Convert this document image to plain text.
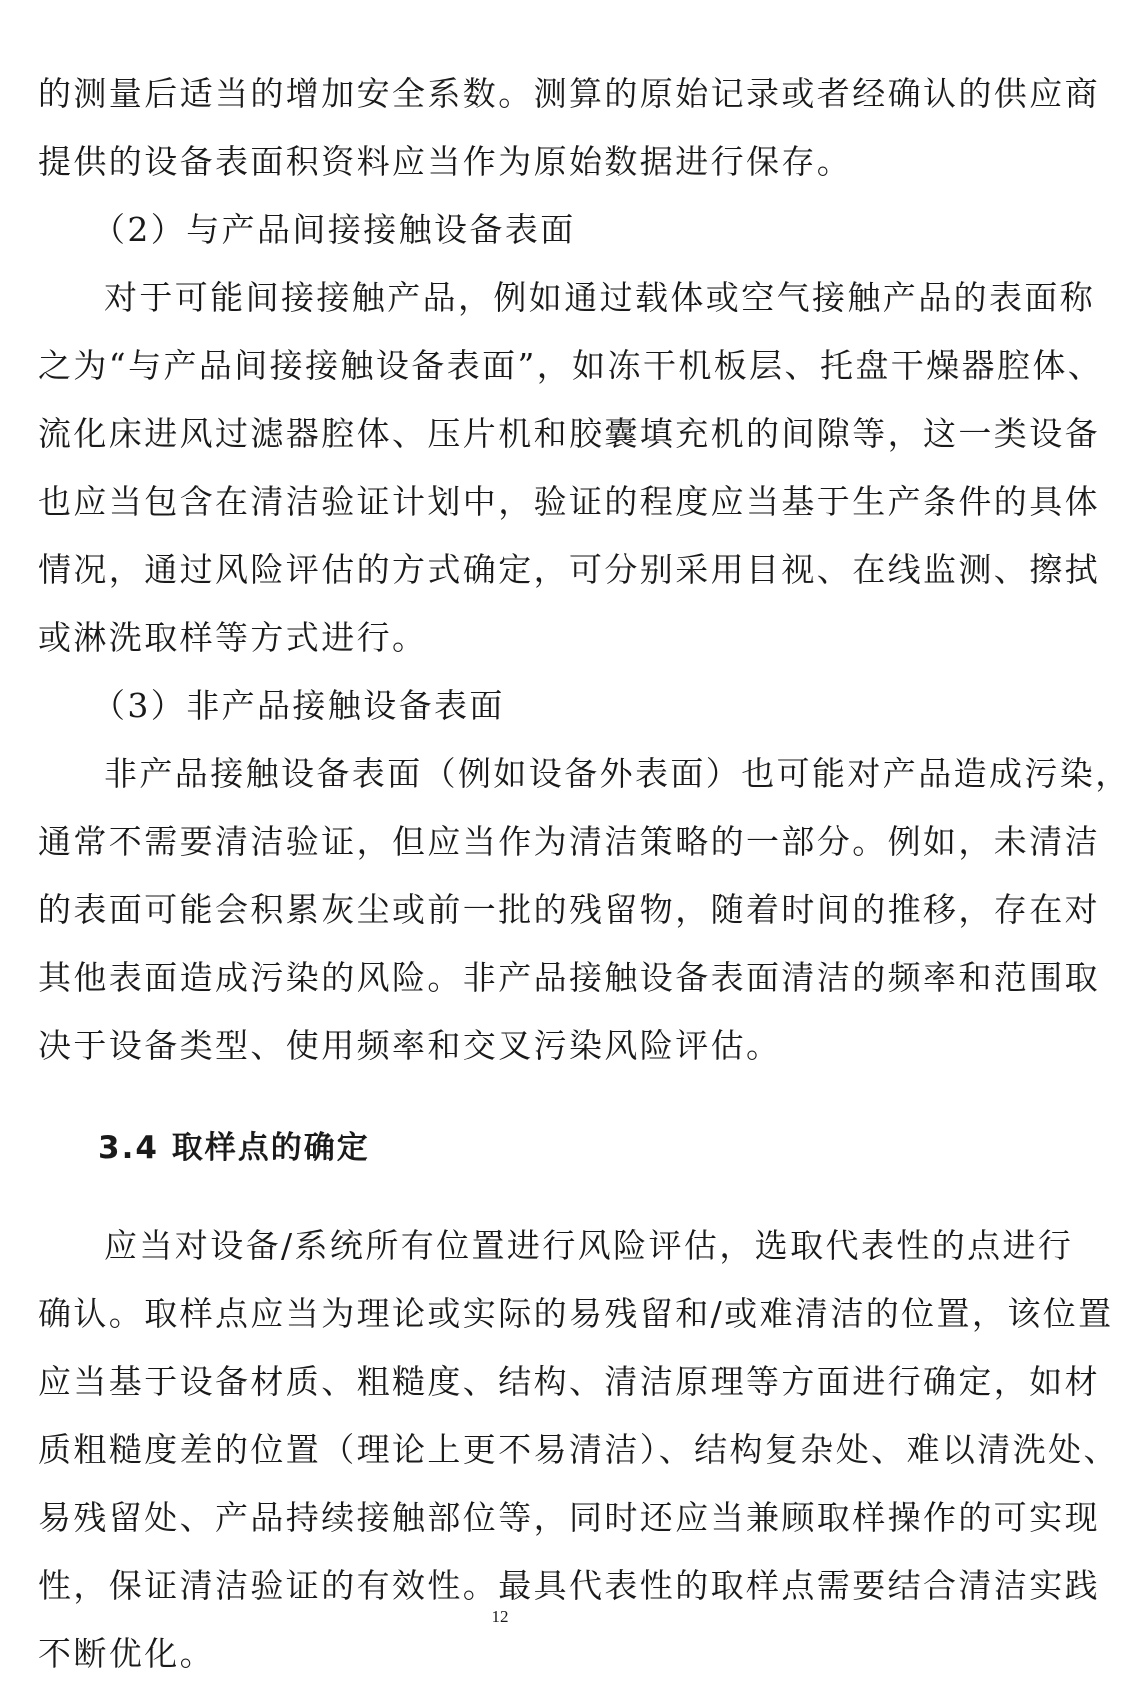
的测量后适当的增加安全系数。测算的原始记录或者经确认的供应商
提供的设备表面积资料应当作为原始数据进行保存。
（2）与产品间接接触设备表面
对于可能间接接触产品，例如通过载体或空气接触产品的表面称
之为“与产品间接接触设备表面”，如冻干机板层、托盘干燥器腔体、
流化床进风过滤器腔体、压片机和胶囊填充机的间隙等，这一类设备
也应当包含在清洁验证计划中，验证的程度应当基于生产条件的具体
情况，通过风险评估的方式确定，可分别采用目视、在线监测、擦拭
或淋洗取样等方式进行。
（3）非产品接触设备表面
非产品接触设备表面（例如设备外表面）也可能对产品造成污染，
通常不需要清洁验证，但应当作为清洁策略的一部分。例如，未清洁
的表面可能会积累灰尘或前一批的残留物，随着时间的推移，存在对
其他表面造成污染的风险。非产品接触设备表面清洁的频率和范围取
决于设备类型、使用频率和交叉污染风险评估。
3.4 取样点的确定
应当对设备/系统所有位置进行风险评估，选取代表性的点进行
确认。取样点应当为理论或实际的易残留和/或难清洁的位置，该位置
应当基于设备材质、粗糙度、结构、清洁原理等方面进行确定，如材
质粗糙度差的位置（理论上更不易清洁）、结构复杂处、难以清洗处、
易残留处、产品持续接触部位等，同时还应当兼顾取样操作的可实现
性，保证清洁验证的有效性。最具代表性的取样点需要结合清洁实践
不断优化。
12
